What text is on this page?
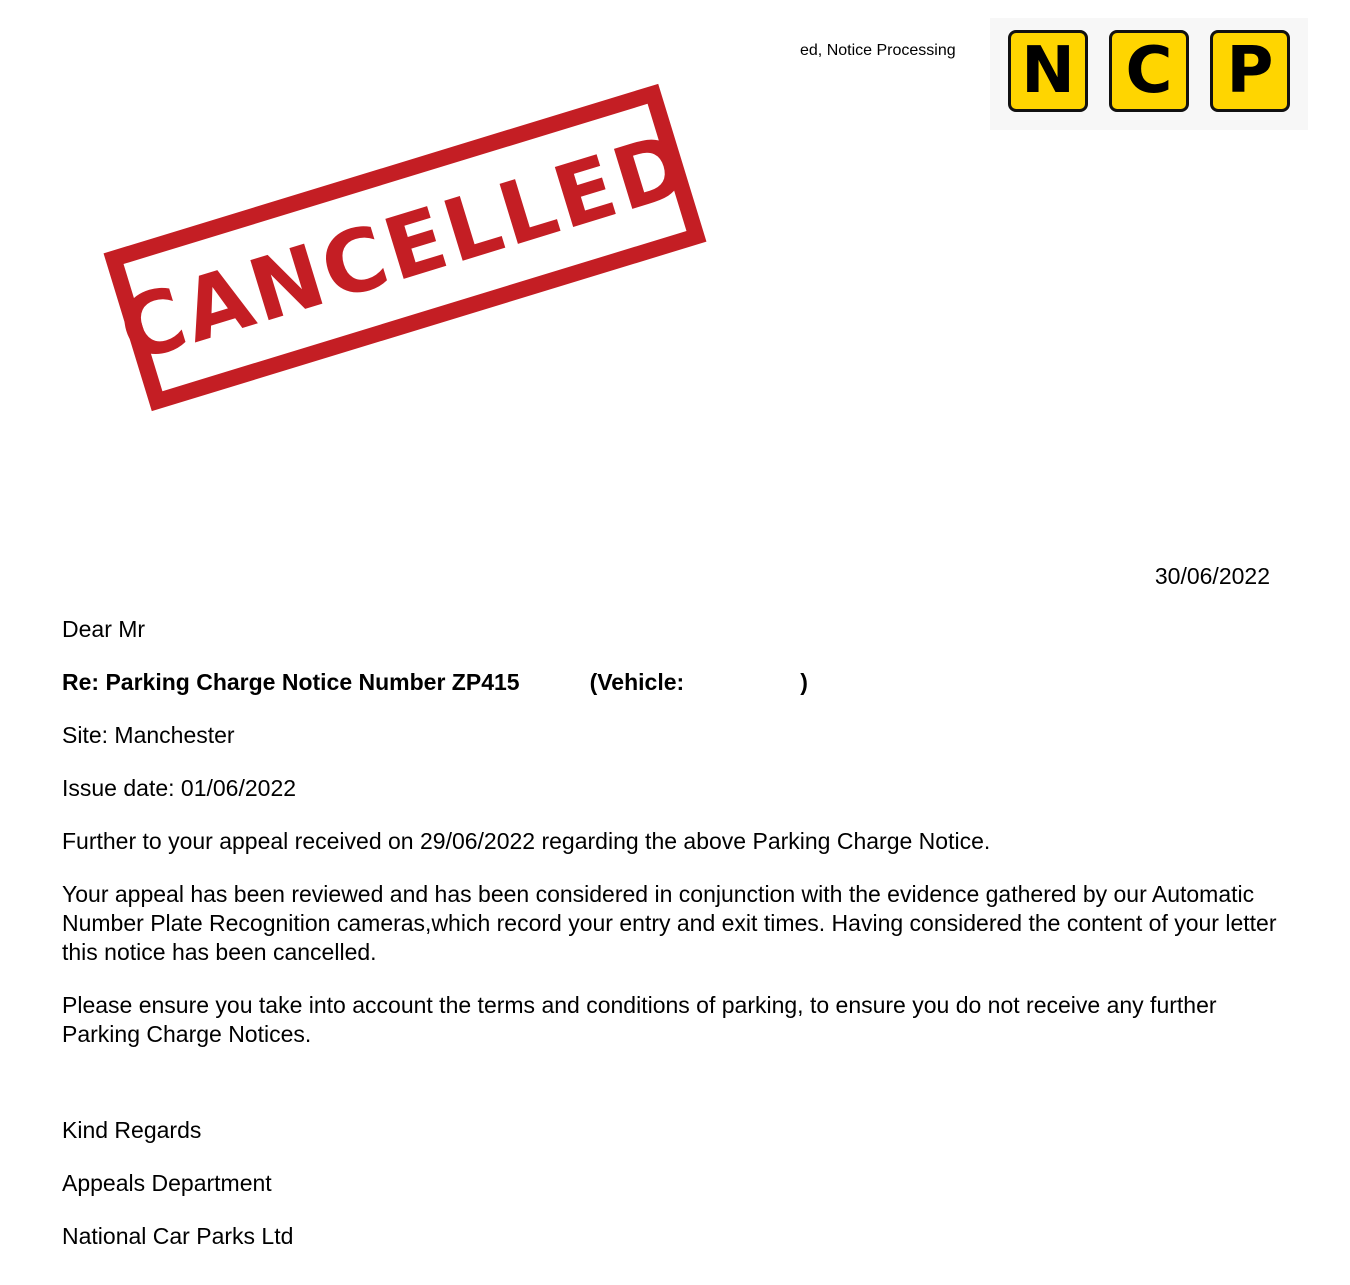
ed, Notice Processing N C P
CANCELLED
30/06/2022

Dear Mr

Re: Parking Charge Notice Number ZP415	(Vehicle:	)

Site: Manchester

Issue date: 01/06/2022

Further to your appeal received on 29/06/2022 regarding the above Parking Charge Notice.

Your appeal has been reviewed and has been considered in conjunction with the evidence gathered by our Automatic Number Plate Recognition cameras,which record your entry and exit times. Having considered the content of your letter this notice has been cancelled.

Please ensure you take into account the terms and conditions of parking, to ensure you do not receive any further Parking Charge Notices.

Kind Regards

Appeals Department

National Car Parks Ltd
